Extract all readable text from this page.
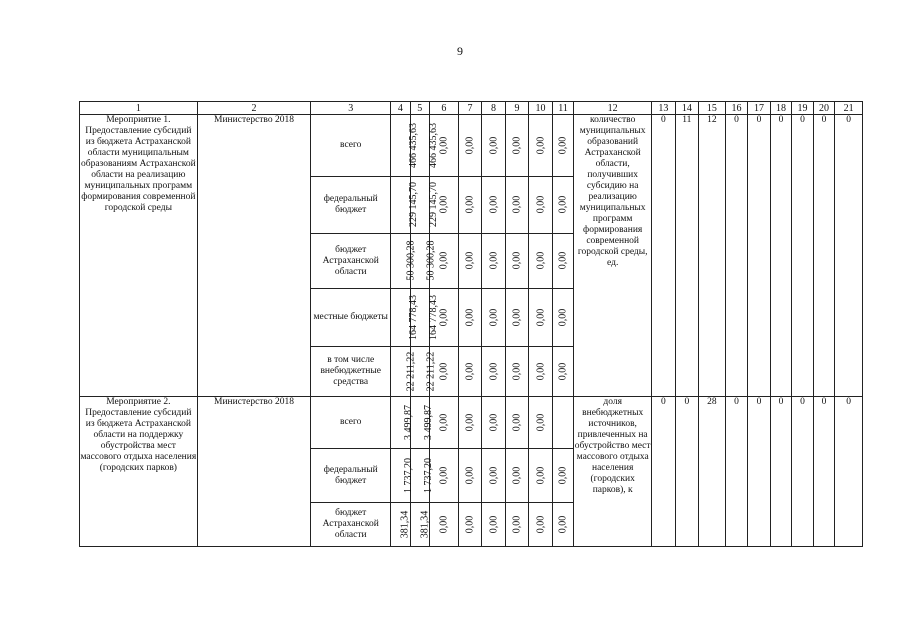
9
1	2	3	4	5	6	7	8	9	10	11	12	13	14	15	16	17	18	19	20	21
Мероприятие 1. Предоставление субсидий из бюджета Астраханской области муниципальным образованиям Астраханской области на реализацию муниципальных программ формирования современной городской среды	Министерство 2018	всего	466 435,63	466 435,63	0,00	0,00	0,00	0,00	0,00	0,00	количество муниципальных образований Астраханской области, получивших субсидию на реализацию муниципальных программ формирования современной городской среды, ед.	0	11	12	0	0	0	0	0	0
		федеральный бюджет	229 145,70	229 145,70	0,00	0,00	0,00	0,00	0,00	0,00										
		бюджет Астраханской области	50 300,28	50 300,28	0,00	0,00	0,00	0,00	0,00	0,00										
		местные бюджеты	164 778,43	164 778,43	0,00	0,00	0,00	0,00	0,00	0,00										
		в том числе внебюджетные средства	22 211,22	22 211,22	0,00	0,00	0,00	0,00	0,00	0,00										
Мероприятие 2. Предоставление субсидий из бюджета Астраханской области на поддержку обустройства мест массового отдыха населения (городских парков)	Министерство 2018	всего	3 499,87	3 499,87	0,00	0,00	0,00	0,00	0,00		доля внебюджетных источников, привлеченных на обустройство мест массового отдыха населения (городских парков), к	0	0	28	0	0	0	0	0	0
		федеральный бюджет	1 737,20	1 737,20	0,00	0,00	0,00	0,00	0,00	0,00										
		бюджет Астраханской области	381,34	381,34	0,00	0,00	0,00	0,00	0,00	0,00										
